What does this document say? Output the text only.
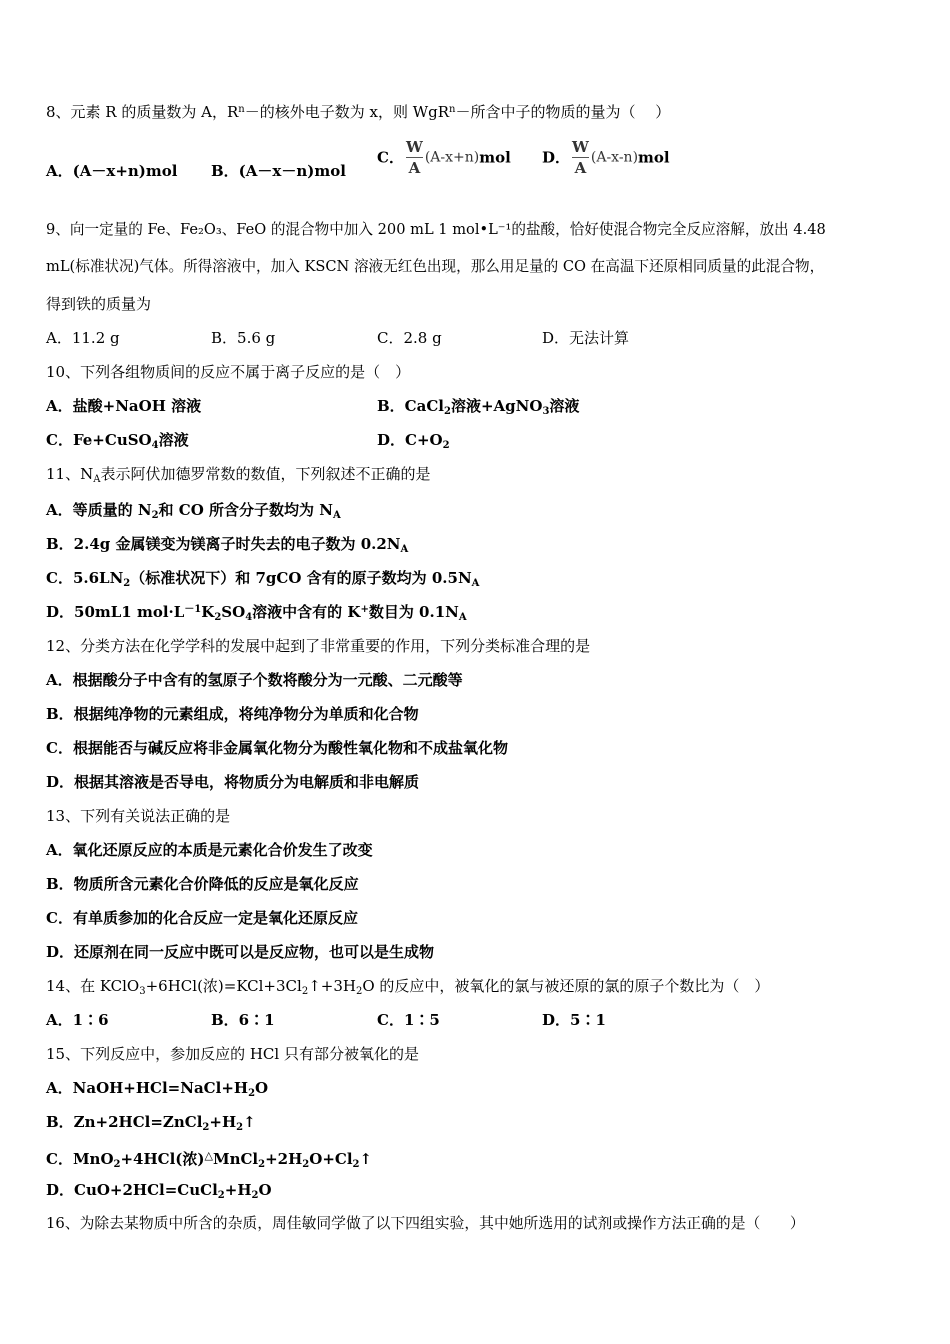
8、元素 R 的质量数为 A，$R^n-$的核外电子数为 x，则 WgR$^n$－所含中子的物质的量为（　 ）
A．(A－x+n)mol B．(A－x－n)mol
C． $\frac{W}{A} (A-x+n)mol$ D． $\frac{W}{A} (A-x-n)mol$
9、向一定量的 Fe、Fe₂O₃、FeO 的混合物中加入 200 mL 1 mol•L⁻¹的盐酸，恰好使混合物完全反应溶解，放出 4.48
mL(标准状况)气体。所得溶液中，加入 KSCN 溶液无红色出现，那么用足量的 CO 在高温下还原相同质量的此混合物，
得到铁的质量为
A．11.2 g	B．5.6 g	C．2.8 g	D．无法计算
10、下列各组物质间的反应不属于离子反应的是（　）
A．盐酸+NaOH 溶液	B．CaCl$_2$溶液+AgNO$_3$溶液
C．Fe+CuSO$_4$溶液	D．$C+O_2$
11、$N_A$表示阿伏加德罗常数的数值，下列叙述不正确的是
A．等质量的 $N_2$和 CO 所含分子数均为 $N_A$
B．2.4g 金属镁变为镁离子时失去的电子数为 $0.2N_A$
C．$5.6LN_2$（标准状况下）和 7gCO 含有的原子数均为 $0.5N_A$
D．50mL1 $mol\cdot L^{-1}K_2SO_4$溶液中含有的 K+数目为 $0.1N_A$
12、分类方法在化学学科的发展中起到了非常重要的作用，下列分类标准合理的是
A．根据酸分子中含有的氢原子个数将酸分为一元酸、二元酸等
B．根据纯净物的元素组成，将纯净物分为单质和化合物
C．根据能否与碱反应将非金属氧化物分为酸性氧化物和不成盐氧化物
D．根据其溶液是否导电，将物质分为电解质和非电解质
13、下列有关说法正确的是
A．氧化还原反应的本质是元素化合价发生了改变
B．物质所含元素化合价降低的反应是氧化反应
C．有单质参加的化合反应一定是氧化还原反应
D．还原剂在同一反应中既可以是反应物，也可以是生成物
14、在 KClO$_3$+6HCl(浓)$=KCl+3Cl_2↑+3H_2O$ 的反应中，被氧化的氯与被还原的氯的原子个数比为（　）
A．1∶6	B．6∶1	C．1∶5	D．5∶1
15、下列反应中，参加反应的 HCl 只有部分被氧化的是
A．$NaOH+HCl=NaCl+H_2O$
B．$Zn+2HCl=ZnCl_2+H_2↑$
C．MnO$_2$+4HCl(浓)$^\triangle MnCl_2+2H_2O+Cl_2↑$
D．$CuO+2HCl=CuCl_2+H_2O$
16、为除去某物质中所含的杂质，周佳敏同学做了以下四组实验，其中她所选用的试剂或操作方法正确的是（　　）
